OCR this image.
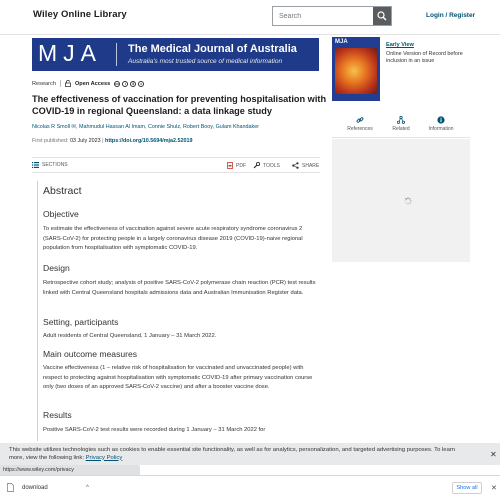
Wiley Online Library
Search	Login / Register
MJA The Medical Journal of Australia
Australia's most trusted source of medical information
Research	Open Access cc	i	$	=
The effectiveness of vaccination for preventing hospitalisation with COVID-19 in regional Queensland: a data linkage study
Nicolas R Smoll ✉, Mahmudul Hassan Al Imam, Connie Shulz, Robert Booy, Gulam Khandaker
First published: 03 July 2023 | https://doi.org/10.5694/mja2.52019
SECTIONS	PDF	TOOLS	SHARE
Abstract
Objective
To estimate the effectiveness of vaccination against severe acute respiratory syndrome coronavirus 2 (SARS-CoV-2) for protecting people in a largely coronavirus disease 2019 (COVID-19)-naive regional population from hospitalisation with symptomatic COVID-19.
Design
Retrospective cohort study; analysis of positive SARS-CoV-2 polymerase chain reaction (PCR) test results linked with Central Queensland hospitals admissions data and Australian Immunisation Register data.
Setting, participants
Adult residents of Central Queensland, 1 January – 31 March 2022.
Main outcome measures
Vaccine effectiveness (1 – relative risk of hospitalisation for vaccinated and unvaccinated people) with respect to protecting against hospitalisation with symptomatic COVID-19 after primary vaccination course only (two doses of an approved SARS-CoV-2 vaccine) and after a booster vaccine dose.
Results
Positive SARS-CoV-2 test results were recorded during 1 January – 31 March 2022 for
MJA	Early View
Online Version of Record before inclusion in an issue
References	Related	Information
This website utilizes technologies such as cookies to enable essential site functionality, as well as for analytics, personalization, and targeted advertising purposes. To learn more, view the following link: Privacy Policy	✕
https://www.wiley.com/privacy
download	^	Show all	✕
